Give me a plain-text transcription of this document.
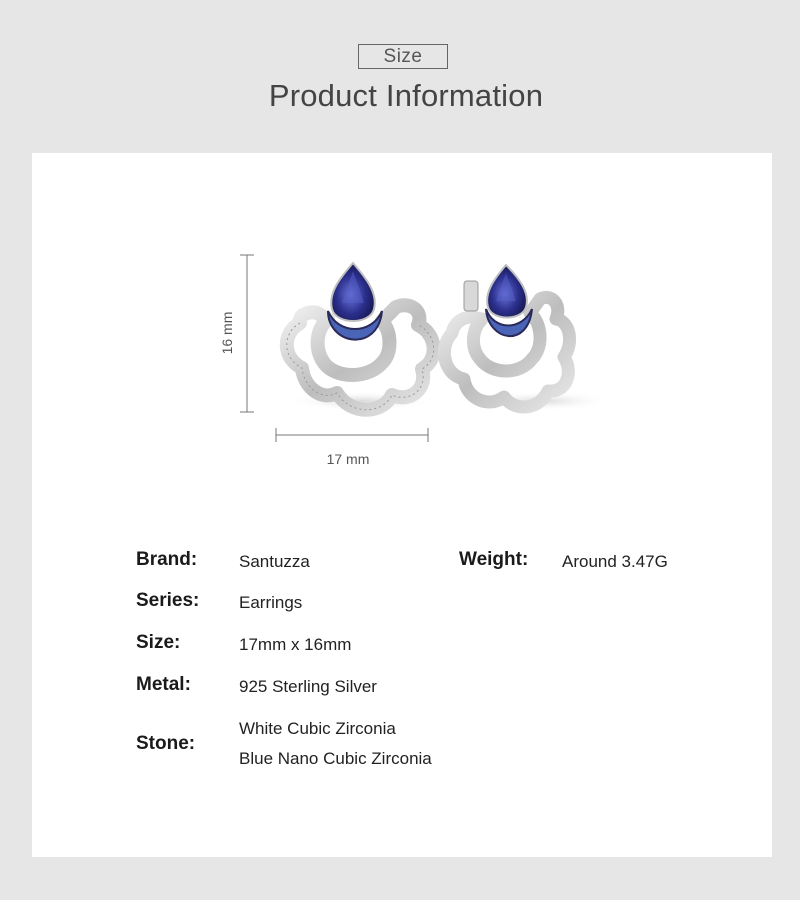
Size
Product Information
16 mm
17 mm
Brand: Santuzza	Weight: Around 3.47G
Series: Earrings
Size:	17mm x 16mm
Metal:	925 Sterling Silver
Stone:
White Cubic Zirconia
Blue Nano Cubic Zirconia
